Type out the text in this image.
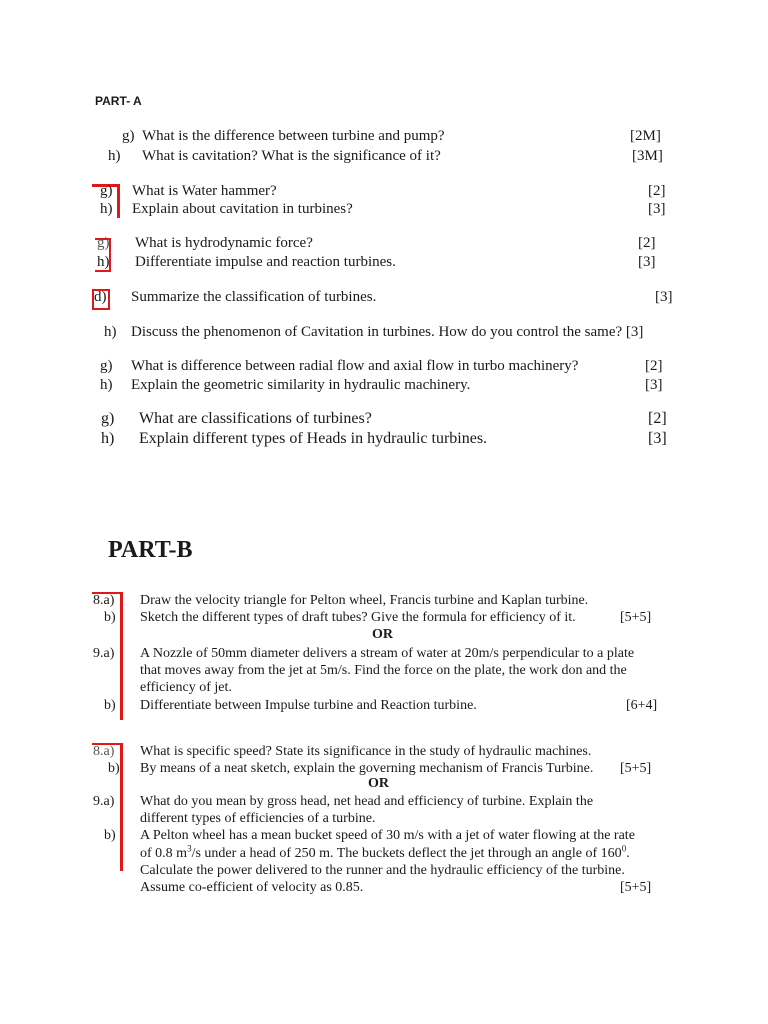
PART- A
g) What is the difference between turbine and pump?	[2M]
h) What is cavitation? What is the significance of it?	[3M]
g) What is Water hammer?	[2]
h) Explain about cavitation in turbines?	[3]
g) What is hydrodynamic force?	[2]
h) Differentiate impulse and reaction turbines.	[3]
d) Summarize the classification of turbines.	[3]
h) Discuss the phenomenon of Cavitation in turbines. How do you control the same? [3]
g) What is difference between radial flow and axial flow in turbo machinery?	[2]
h) Explain the geometric similarity in hydraulic machinery.	[3]
g) What are classifications of turbines?	[2]
h) Explain different types of Heads in hydraulic turbines.	[3]
PART-B
8.a) Draw the velocity triangle for Pelton wheel, Francis turbine and Kaplan turbine.
b) Sketch the different types of draft tubes? Give the formula for efficiency of it.	[5+5]
OR
9.a) A Nozzle of 50mm diameter delivers a stream of water at 20m/s perpendicular to a plate
that moves away from the jet at 5m/s. Find the force on the plate, the work don and the
efficiency of jet.
b) Differentiate between Impulse turbine and Reaction turbine.	[6+4]
8.a) What is specific speed? State its significance in the study of hydraulic machines.
b) By means of a neat sketch, explain the governing mechanism of Francis Turbine. [5+5]
OR
9.a) What do you mean by gross head, net head and efficiency of turbine. Explain the
different types of efficiencies of a turbine.
b) A Pelton wheel has a mean bucket speed of 30 m/s with a jet of water flowing at the rate
of 0.8 $m^3/s$ under a head of 250 m. The buckets deflect the jet through an angle of $160^0$.
Calculate the power delivered to the runner and the hydraulic efficiency of the turbine.
Assume co-efficient of velocity as 0.85.	[5+5]
